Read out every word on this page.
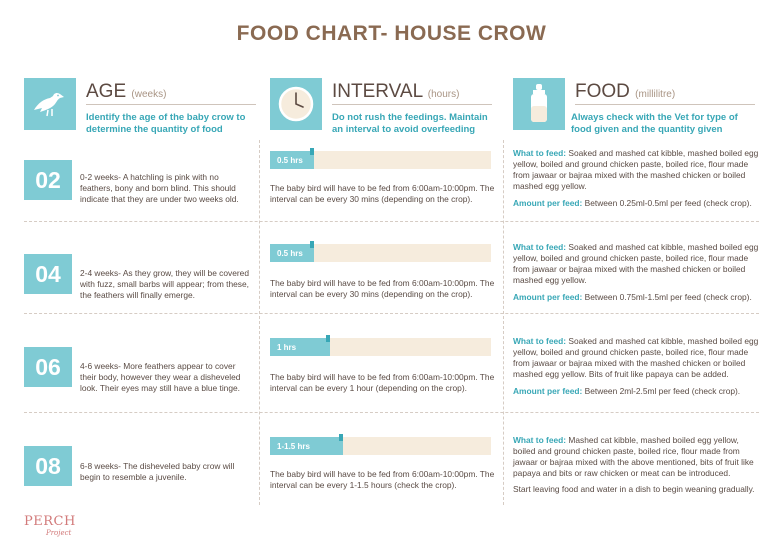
FOOD CHART- HOUSE CROW
AGE (weeks)
Identify the age of the baby crow to determine the quantity of food
INTERVAL (hours)
Do not rush the feedings. Maintain an interval to avoid overfeeding
FOOD (millilitre)
Always check with the Vet for type of food given and the quantity given
02	0-2 weeks- A hatchling is pink with no feathers, bony and born blind. This should indicate that they are under two weeks old.
0.5 hrs
The baby bird will have to be fed from 6:00am-10:00pm. The interval can be every 30 mins (depending on the crop).
What to feed: Soaked and mashed cat kibble, mashed boiled egg yellow, boiled and ground chicken paste, boiled rice, flour made from jawaar or bajraa mixed with the mashed chicken or boiled mashed egg yellow.
Amount per feed: Between 0.25ml-0.5ml per feed (check crop).
04	2-4 weeks- As they grow, they will be covered with fuzz, small barbs will appear; from these, the feathers will finally emerge.
0.5 hrs
The baby bird will have to be fed from 6:00am-10:00pm. The interval can be every 30 mins (depending on the crop).
What to feed: Soaked and mashed cat kibble, mashed boiled egg yellow, boiled and ground chicken paste, boiled rice, flour made from jawaar or bajraa mixed with the mashed chicken or boiled mashed egg yellow.
Amount per feed: Between 0.75ml-1.5ml per feed (check crop).
06	4-6 weeks- More feathers appear to cover their body, however they wear a disheveled look. Their eyes may still have a blue tinge.
1 hrs
The baby bird will have to be fed from 6:00am-10:00pm. The interval can be every 1 hour (depending on the crop).
What to feed: Soaked and mashed cat kibble, mashed boiled egg yellow, boiled and ground chicken paste, boiled rice, flour made from jawaar or bajraa mixed with the mashed chicken or boiled mashed egg yellow. Bits of fruit like papaya can be added.
Amount per feed: Between 2ml-2.5ml per feed (check crop).
08	6-8 weeks- The disheveled baby crow will begin to resemble a juvenile.
1-1.5 hrs
The baby bird will have to be fed from 6:00am-10:00pm. The interval can be every 1-1.5 hours (check the crop).
What to feed: Mashed cat kibble, mashed boiled egg yellow, boiled and ground chicken paste, boiled rice, flour made from jawaar or bajraa mixed with the above mentioned, bits of fruit like papaya and bits or raw chicken or meat can be introduced.
Start leaving food and water in a dish to begin weaning gradually.
PERCH
Project
